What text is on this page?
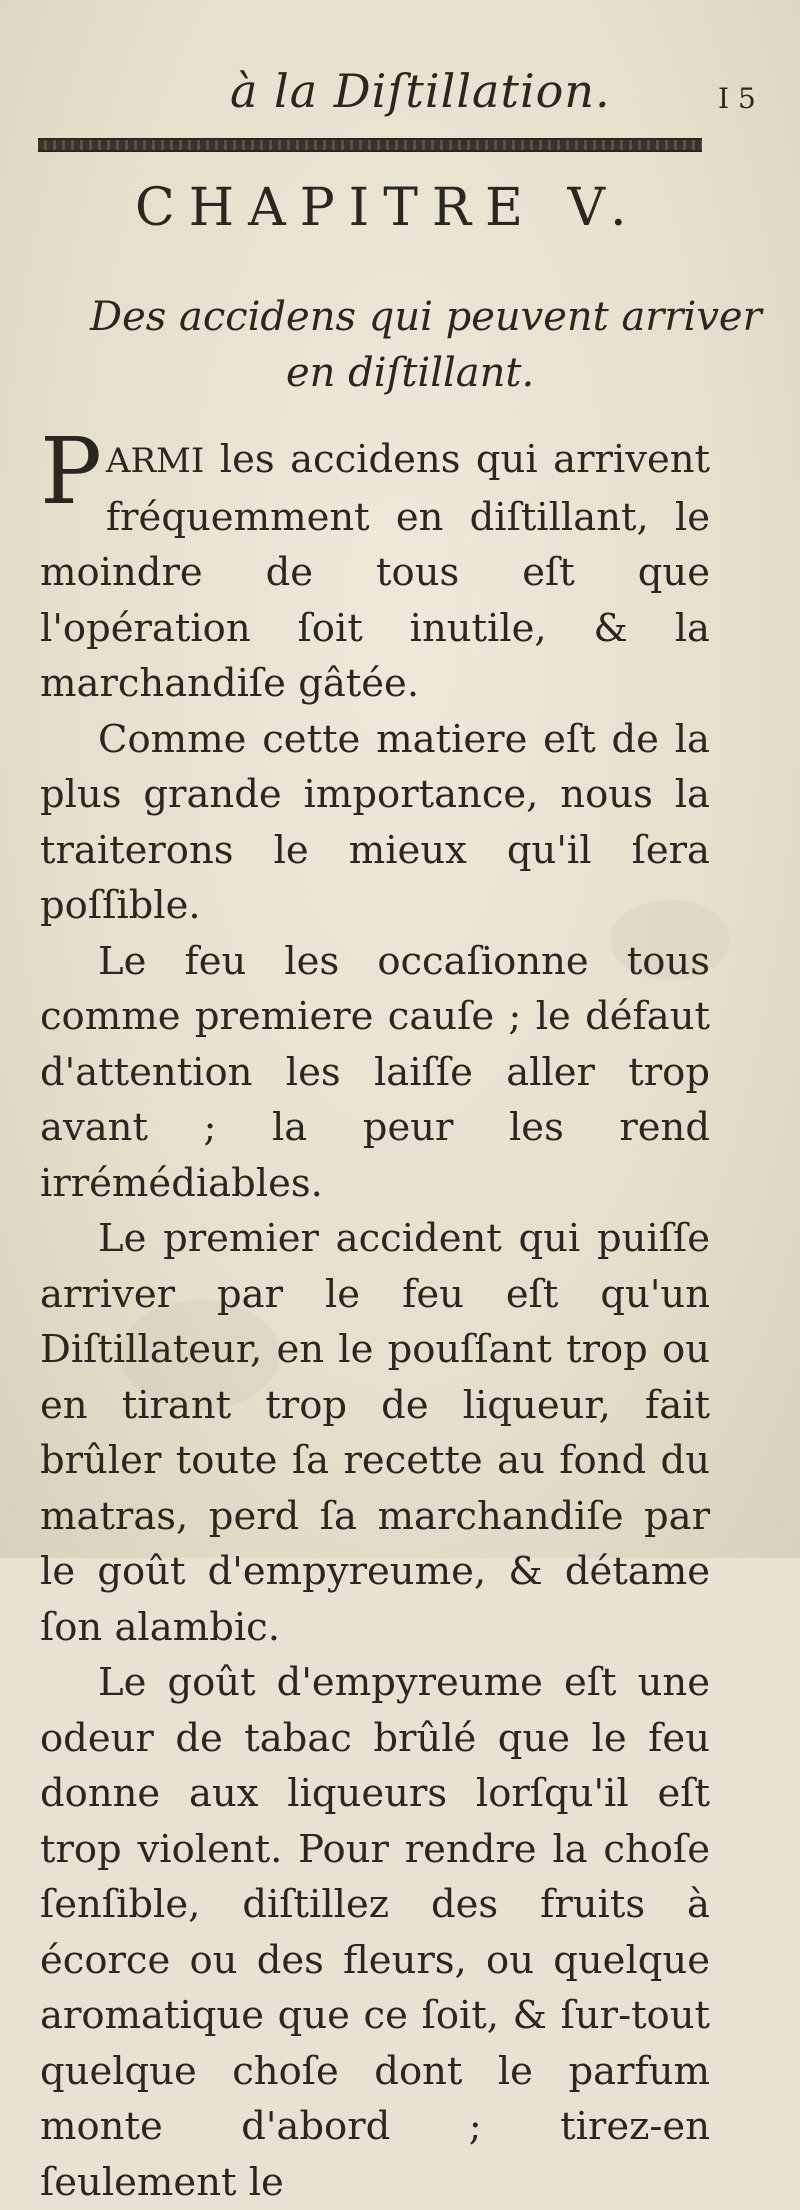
à la Diſtillation.	I 5
CHAPITRE V.
Des accidens qui peuvent arriver
en diſtillant.

PARMI les accidens qui arrivent fréquemment en diſtillant, le moindre de tous eſt que l'opération ſoit inutile, & la marchandiſe gâtée.

Comme cette matiere eſt de la plus grande importance, nous la traiterons le mieux qu'il ſera poſſible.

Le feu les occaſionne tous comme premiere cauſe ; le défaut d'attention les laiſſe aller trop avant ; la peur les rend irrémédiables.

Le premier accident qui puiſſe arriver par le feu eſt qu'un Diſtillateur, en le pouſſant trop ou en tirant trop de liqueur, fait brûler toute ſa recette au fond du matras, perd ſa marchandiſe par le goût d'empyreume, & détame ſon alambic.

Le goût d'empyreume eſt une odeur de tabac brûlé que le feu donne aux liqueurs lorſqu'il eſt trop violent. Pour rendre la choſe ſenſible, diſtillez des fruits à écorce ou des fleurs, ou quelque aromatique que ce ſoit, & ſur-tout quelque choſe dont le parfum monte d'abord ; tirez-en ſeulement le
